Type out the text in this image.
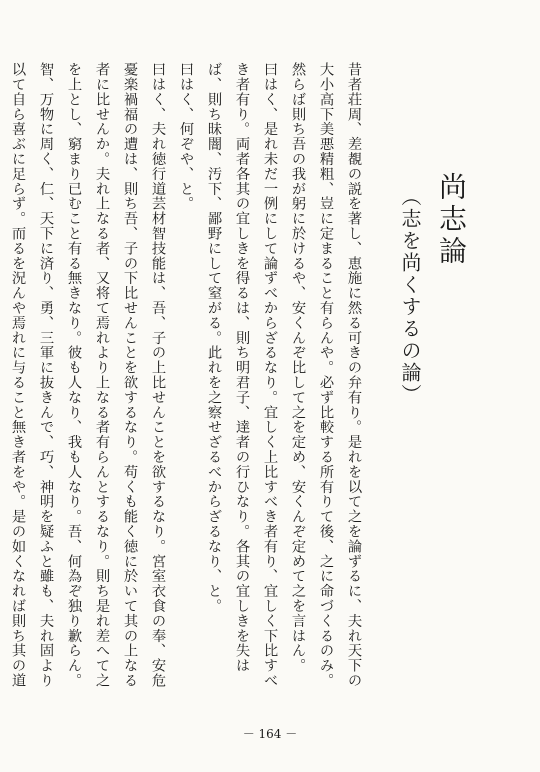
尚志論
（志を尚くするの論）

昔者荘周、差覩の説を著し、恵施に然る可きの弁有り。是れを以て之を論ずるに、夫れ天下の大小高下美悪精粗、豈に定まること有らんや。必ず比較する所有りて後、之に命づくるのみ。然らば則ち吾の我が躬に於けるや、安くんぞ比して之を定め、安くんぞ定めて之を言はん。

曰はく、是れ未だ一例にして論ずべからざるなり。宜しく上比すべき者有り、宜しく下比すべき者有り。両者各其の宜しきを得るは、則ち明君子、達者の行ひなり。各其の宜しきを失はば、則ち昧闇、汚下、鄙野にして窒がる。此れを之察せざるべからざるなり、と。

曰はく、何ぞや、と。

曰はく、夫れ徳行道芸材智技能は、吾、子の上比せんことを欲するなり。宮室衣食の奉、安危憂楽禍福の遭は、則ち吾、子の下比せんことを欲するなり。苟くも能く徳に於いて其の上なる者に比せんか。夫れ上なる者、又将て焉れより上なる者有らんとするなり。則ち是れ差へて之を上とし、窮まり已むこと有る無きなり。彼も人なり、我も人なり。吾、何為ぞ独り歉らん。智、万物に周く、仁、天下に済り、勇、三軍に抜きんで、巧、神明を疑ふと雖も、夫れ固より以て自ら喜ぶに足らず。而るを況んや焉れに与ること無き者をや。是の如くなれば則ち其の道

－ 164 －
